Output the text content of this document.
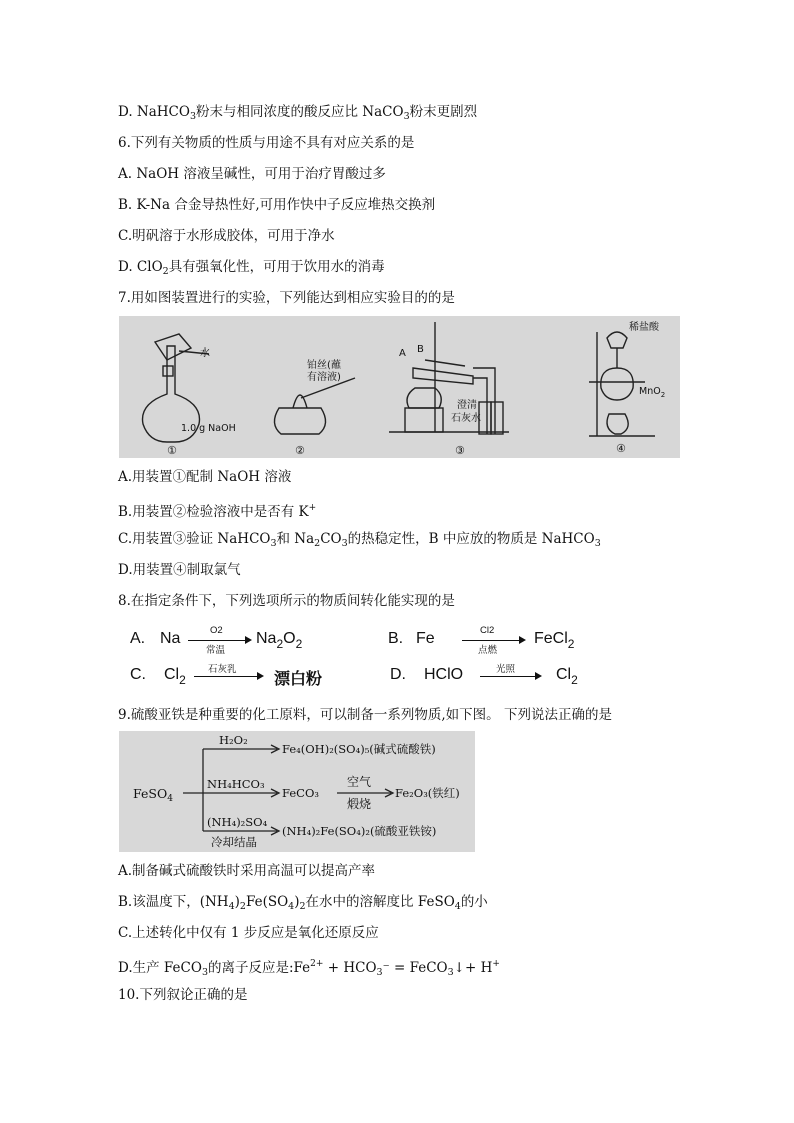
D. NaHCO$_3$粉末与相同浓度的酸反应比 NaCO$_3$粉末更剧烈
6.下列有关物质的性质与用途不具有对应关系的是
A. NaOH 溶液呈碱性，可用于治疗胃酸过多
B. K-Na 合金导热性好,可用作快中子反应堆热交换剂
C.明矾溶于水形成胶体，可用于净水
D. ClO$_2$具有强氧化性，可用于饮用水的消毒
7.用如图装置进行的实验，下列能达到相应实验目的的是
水
1.0 g NaOH
铂丝(蘸
有溶液)
A B
澄清
石灰水
稀盐酸
MnO$_2$
①	②	③	④
A.用装置①配制 NaOH 溶液
B.用装置②检验溶液中是否有 K+
C.用装置③验证 NaHCO$_3$和 $Na_2CO_3$的热稳定性，B 中应放的物质是 NaHCO$_3$
D.用装置④制取氯气
8.在指定条件下，下列选项所示的物质间转化能实现的是
A. Na	O2
常温
$Na_2O_2$	B. Fe	Cl2
点燃
FeCl$_2$
C. $Cl_2$
石灰乳
漂白粉	D. HClO	光照 → $Cl_2$
9.硫酸亚铁是种重要的化工原料，可以制备一系列物质,如下图。 下列说法正确的是
FeSO$_4$
H₂O₂
Fe₄(OH)₂(SO₄)₅(碱式硫酸铁)
NH₄HCO₃
FeCO₃
空气
煅烧
Fe₂O₃(铁红)
(NH₄)₂SO₄
冷却结晶
(NH₄)₂Fe(SO₄)₂(硫酸亚铁铵)
A.制备碱式硫酸铁时采用高温可以提高产率
B.该温度下，$(NH_4)_2Fe(SO_4)_2$在水中的溶解度比 FeSO$_4$的小
C.上述转化中仅有 1 步反应是氧化还原反应
D.生产 FeCO$_3$的离子反应是$:Fe^{2+} + HCO_3^-$ = FeCO$_3$↓+ H+
10.下列叙论正确的是
